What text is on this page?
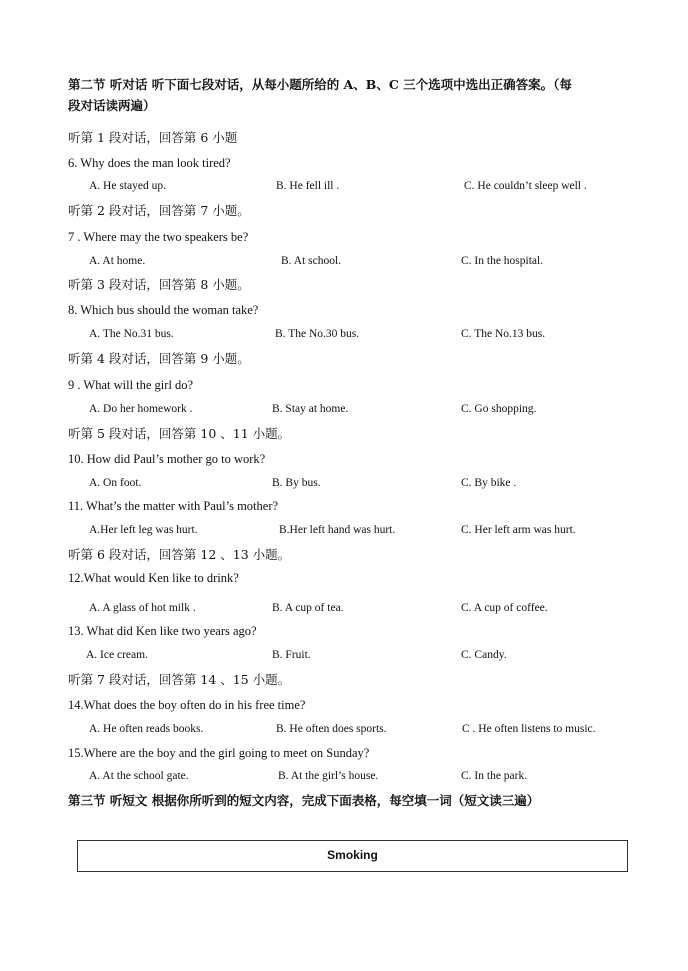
第二节 听对话 听下面七段对话，从每小题所给的 A、B、C 三个选项中选出正确答案。（每
段对话读两遍）
听第 1 段对话，回答第 6 小题
6. Why does the man look tired?
A. He stayed up.	B. He fell ill .	C. He couldn’t sleep well .
听第 2 段对话，回答第 7 小题。
7 . Where may the two speakers be?
A. At home.	B. At school.	C. In the hospital.
听第 3 段对话，回答第 8 小题。
8. Which bus should the woman take?
A. The No.31 bus.	B. The No.30 bus.	C. The No.13 bus.
听第 4 段对话，回答第 9 小题。
9 . What will the girl do?
A. Do her homework .	B. Stay at home.	C. Go shopping.
听第 5 段对话，回答第 10 、11 小题。
10. How did Paul’s mother go to work?
A. On foot.	B. By bus.	C. By bike .
11. What’s the matter with Paul’s mother?
A.Her left leg was hurt.	B.Her left hand was hurt.	C. Her left arm was hurt.
听第 6 段对话，回答第 12 、13 小题。
12.What would Ken like to drink?
A. A glass of hot milk .	B. A cup of tea.	C. A cup of coffee.
13. What did Ken like two years ago?
A. Ice cream.	B. Fruit.	C. Candy.
听第 7 段对话，回答第 14 、15 小题。
14.What does the boy often do in his free time?
A. He often reads books.	B. He often does sports.	C . He often listens to music.
15.Where are the boy and the girl going to meet on Sunday?
A. At the school gate.	B. At the girl’s house.	C. In the park.
第三节 听短文 根据你所听到的短文内容，完成下面表格，每空填一词（短文读三遍）
Smoking
